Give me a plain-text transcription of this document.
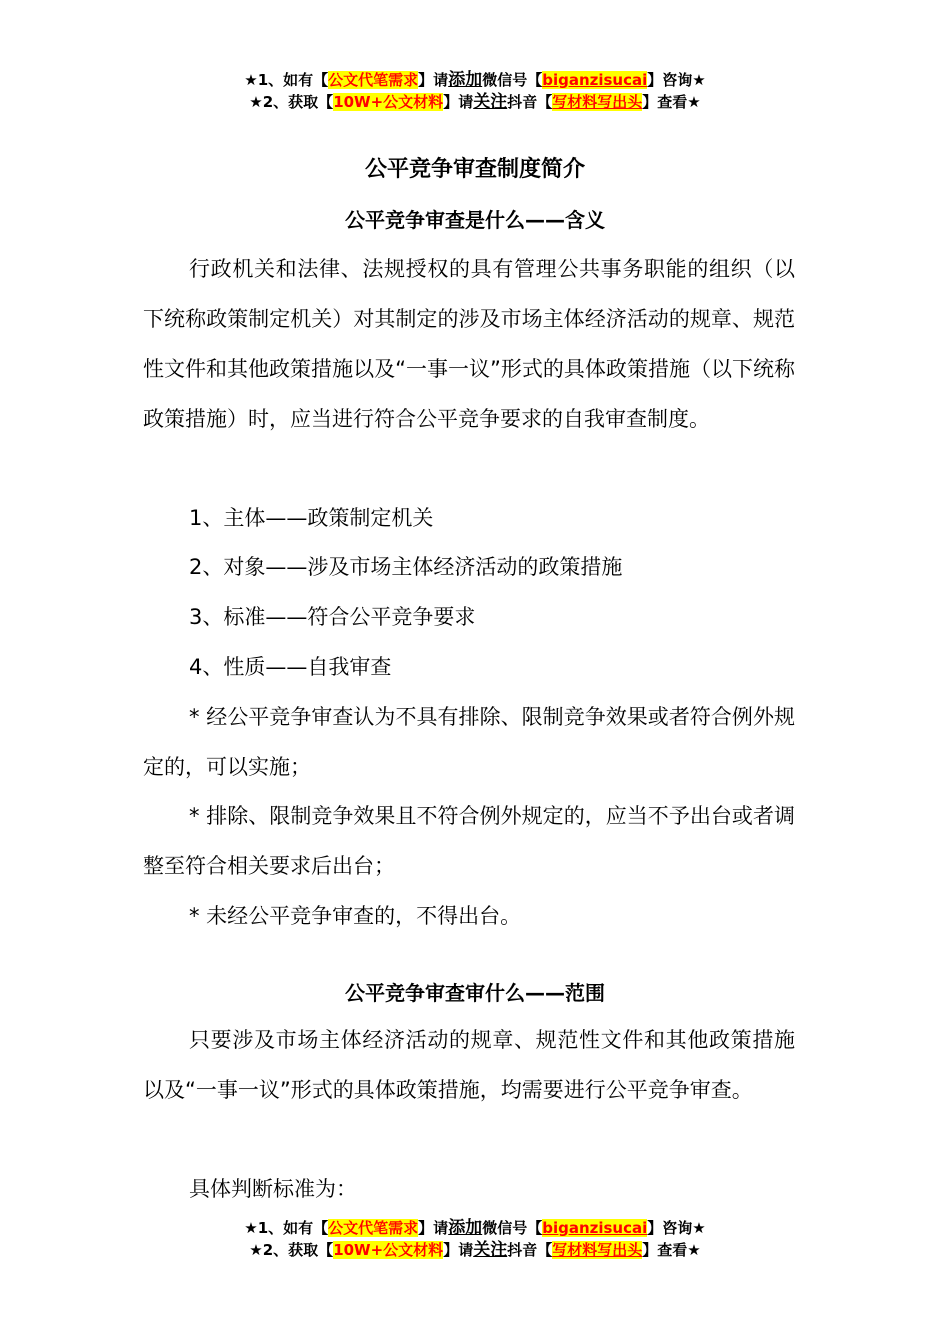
★1、如有【公文代笔需求】请添加微信号【biganzisucai】咨询★
★2、获取【10W+公文材料】请关注抖音【写材料写出头】查看★
公平竞争审查制度简介
公平竞争审查是什么——含义
行政机关和法律、法规授权的具有管理公共事务职能的组织（以下统称政策制定机关）对其制定的涉及市场主体经济活动的规章、规范性文件和其他政策措施以及“一事一议”形式的具体政策措施（以下统称政策措施）时，应当进行符合公平竞争要求的自我审查制度。
1、主体——政策制定机关
2、对象——涉及市场主体经济活动的政策措施
3、标准——符合公平竞争要求
4、性质——自我审查
* 经公平竞争审查认为不具有排除、限制竞争效果或者符合例外规定的，可以实施；
* 排除、限制竞争效果且不符合例外规定的，应当不予出台或者调整至符合相关要求后出台；
* 未经公平竞争审查的，不得出台。
公平竞争审查审什么——范围
只要涉及市场主体经济活动的规章、规范性文件和其他政策措施以及“一事一议”形式的具体政策措施，均需要进行公平竞争审查。
具体判断标准为：
★1、如有【公文代笔需求】请添加微信号【biganzisucai】咨询★
★2、获取【10W+公文材料】请关注抖音【写材料写出头】查看★
